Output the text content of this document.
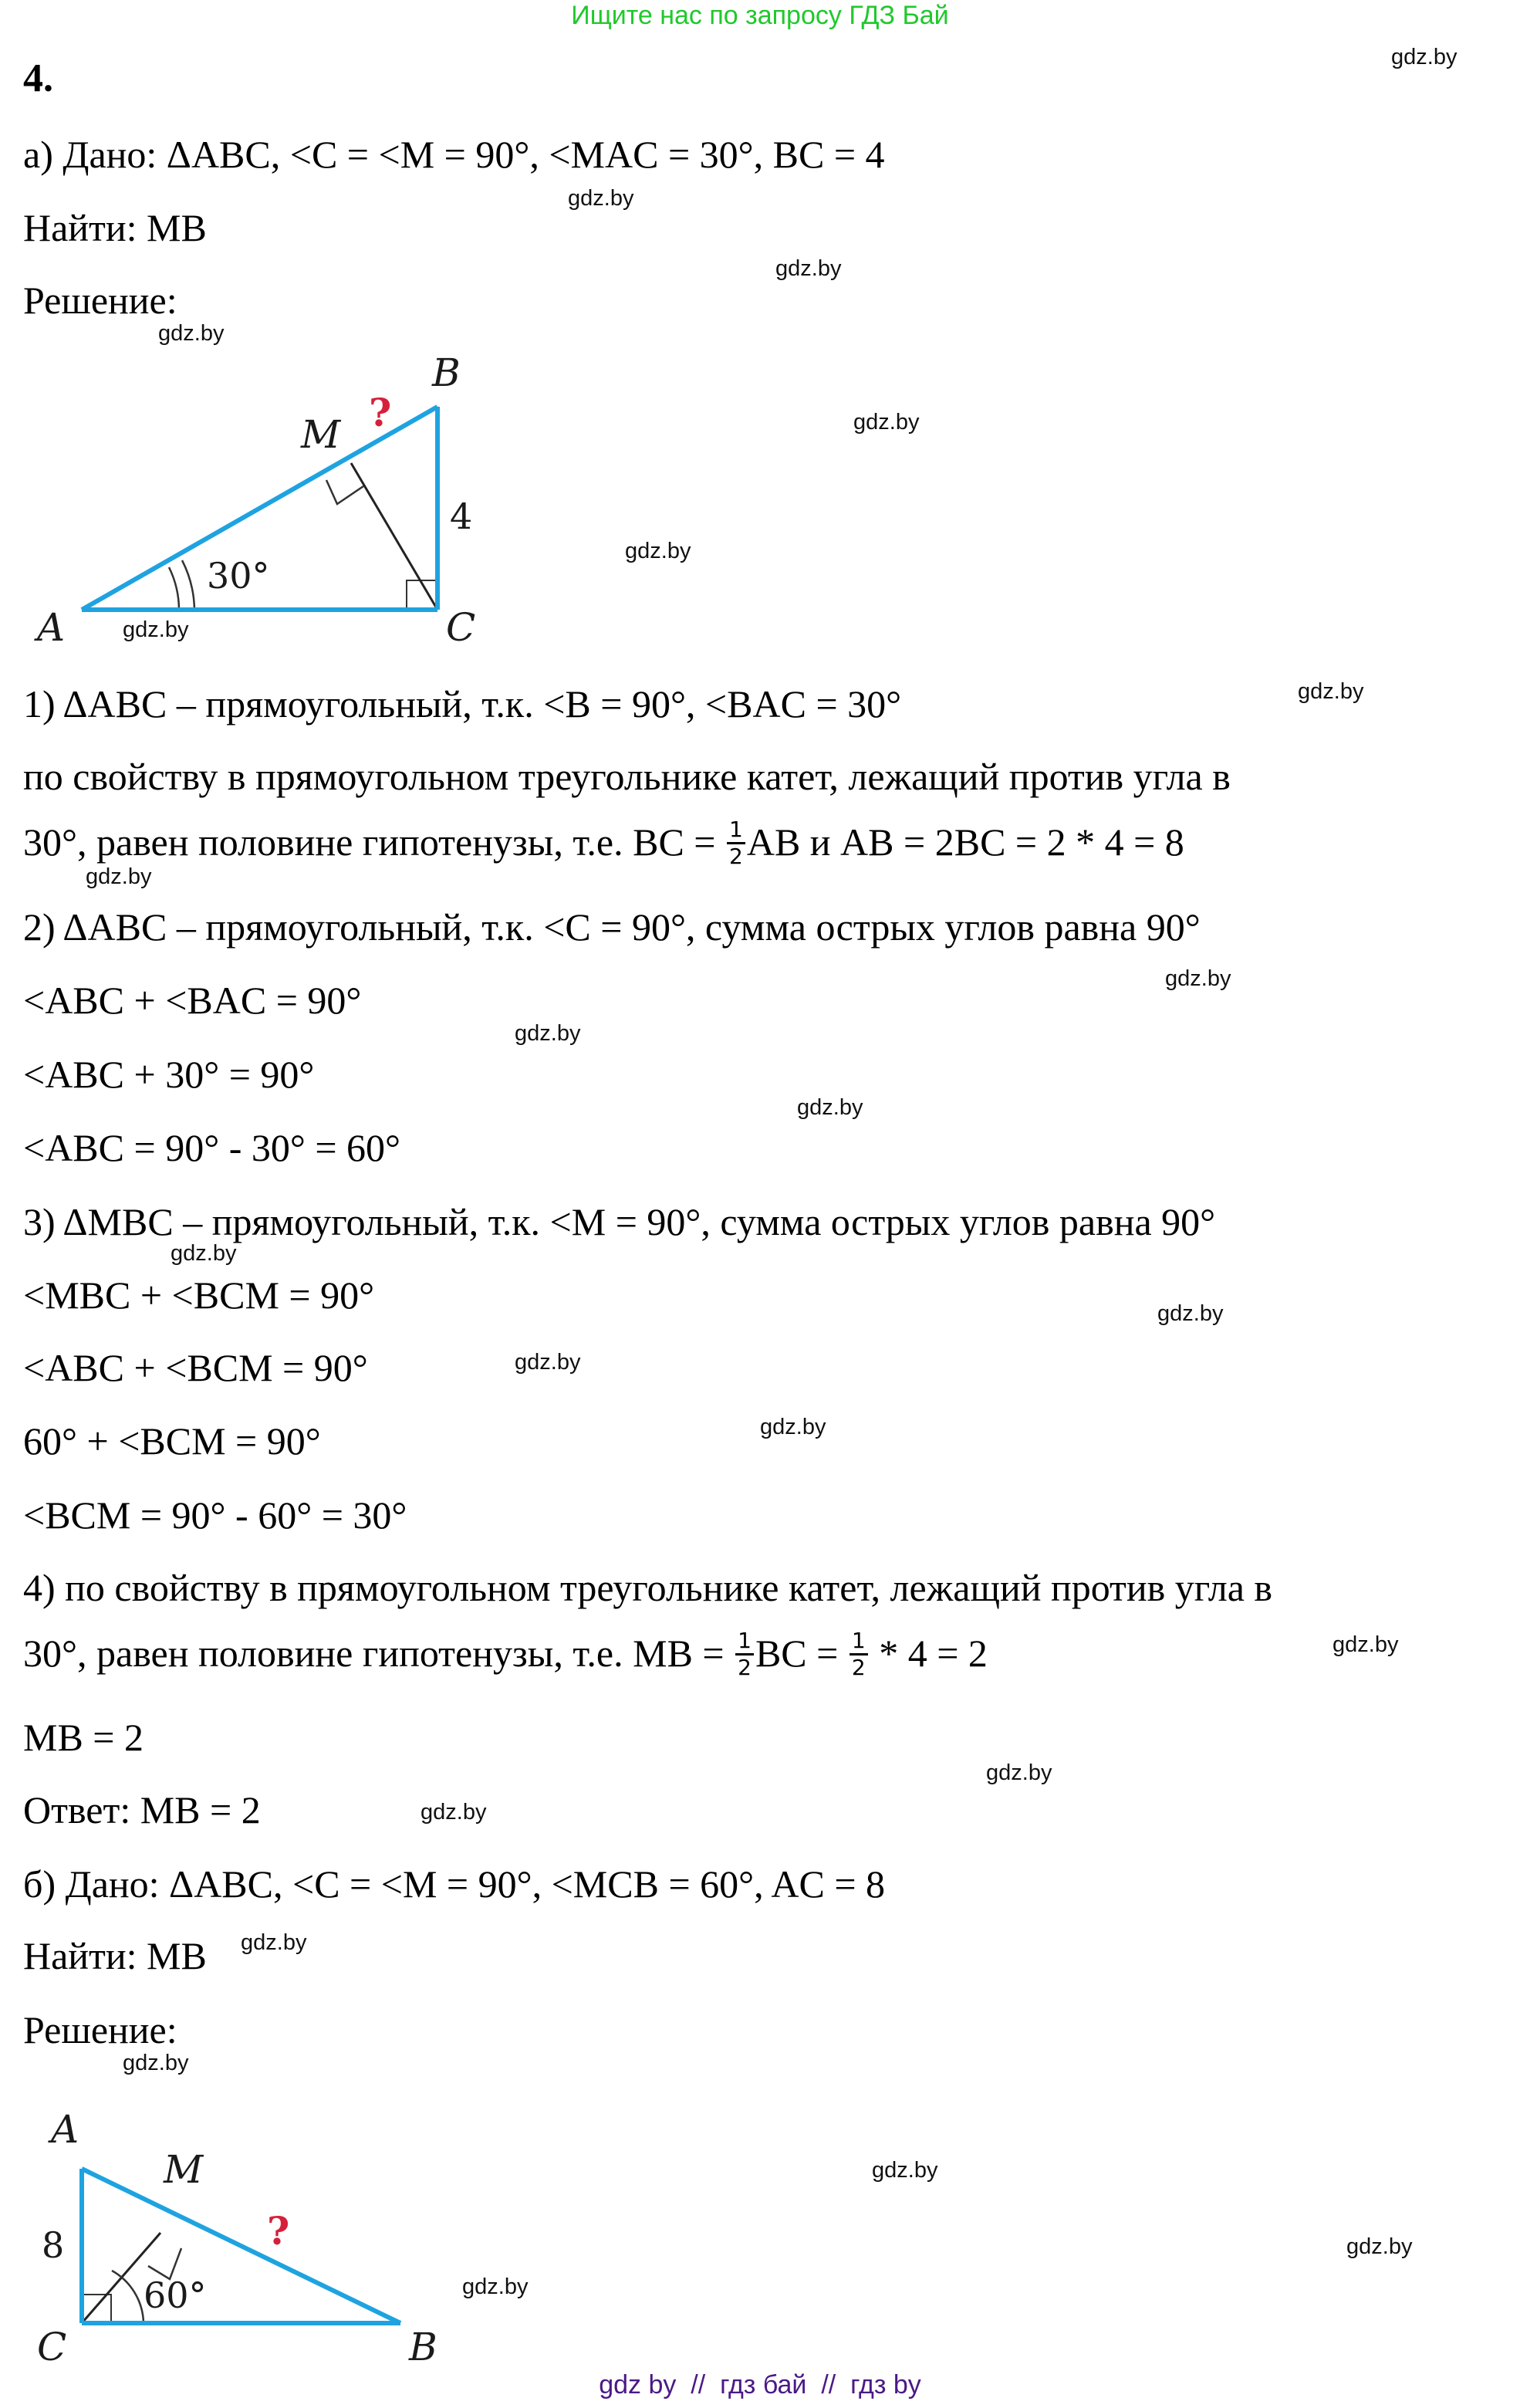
Ищите нас по запросу ГДЗ Бай
gdz.by
gdz.by
gdz.by
gdz.by
gdz.by
gdz.by
gdz.by
gdz.by
gdz.by
gdz.by
gdz.by
gdz.by
gdz.by
gdz.by
gdz.by
gdz.by
gdz.by
gdz.by
gdz.by
gdz.by
gdz.by
gdz.by
gdz.by
gdz.by
4.
а) Дано: ΔABC, <C = <M = 90°, <MAC = 30°, BC = 4
Найти: MB
Решение:
A
B
C
M ?
4
30°
1) ΔABC – прямоугольный, т.к. <B = 90°, <BAC = 30°
по свойству в прямоугольном треугольнике катет, лежащий против угла в
30°, равен половине гипотенузы, т.е. BC = $\frac{1}{2}$ AB и AB = 2BC = 2 * 4 = 8
2) ΔABC – прямоугольный, т.к. <C = 90°, сумма острых углов равна 90°
<ABC + <BAC = 90°
<ABC + 30° = 90°
<ABC = 90° - 30° = 60°
3) ΔMBC – прямоугольный, т.к. <M = 90°, сумма острых углов равна 90°
<MBC + <BCM = 90°
<ABC + <BCM = 90°
60° + <BCM = 90°
<BCM = 90° - 60° = 30°
4) по свойству в прямоугольном треугольнике катет, лежащий против угла в
30°, равен половине гипотенузы, т.е. MB = $\frac{1}{2}$ BC = $\frac{1}{2} * 4 = 2$
MB = 2
Ответ: MB = 2
б) Дано: ΔABC, <C = <M = 90°, <MCB = 60°, AC = 8
Найти: MB
Решение:
A
B
C
M
?
8
60°
gdz by  //  гдз бай  //  гдз by
